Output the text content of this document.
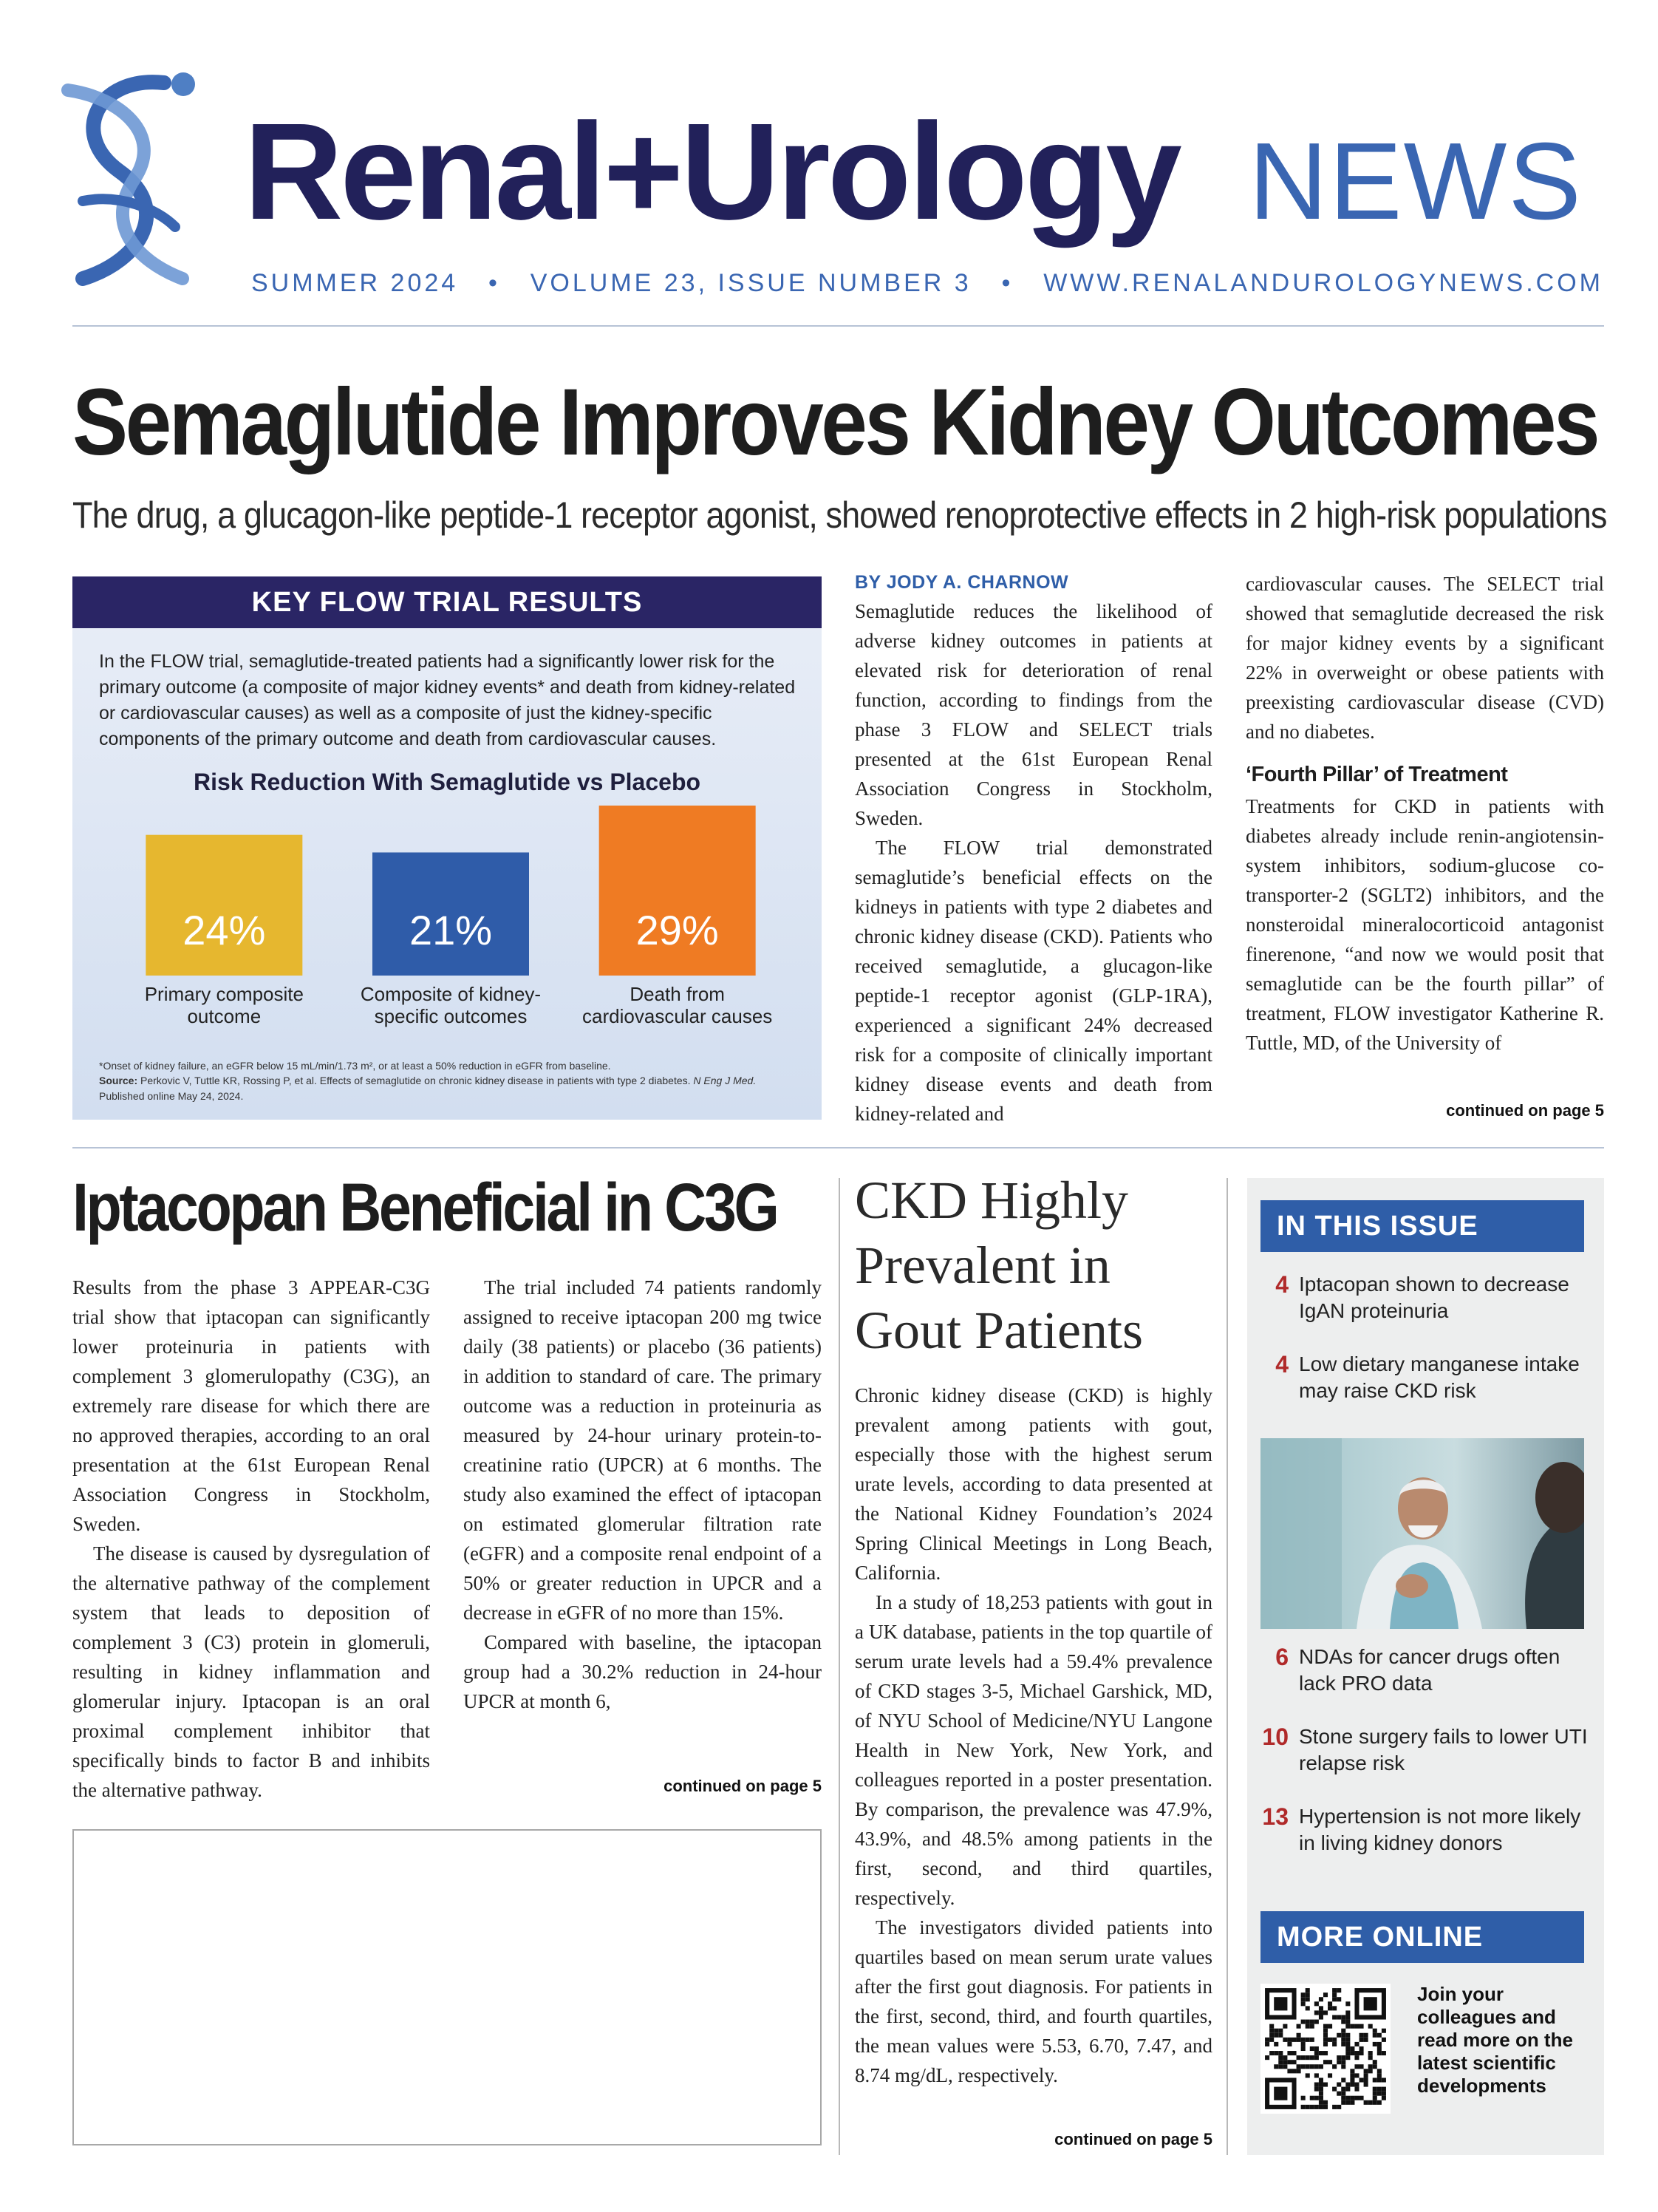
Renal+Urology NEWS
SUMMER 2024 • VOLUME 23, ISSUE NUMBER 3 • WWW.RENALANDUROLOGYNEWS.COM
Semaglutide Improves Kidney Outcomes
The drug, a glucagon-like peptide-1 receptor agonist, showed renoprotective effects in 2 high-risk populations
KEY FLOW TRIAL RESULTS
In the FLOW trial, semaglutide-treated patients had a significantly lower risk for the primary outcome (a composite of major kidney events* and death from kidney-related or cardiovascular causes) as well as a composite of just the kidney-specific components of the primary outcome and death from cardiovascular causes.
Risk Reduction With Semaglutide vs Placebo
24%
Primary composite
outcome
21%
Composite of kidney-
specific outcomes
29%
Death from
cardiovascular causes
*Onset of kidney failure, an eGFR below 15 mL/min/1.73 m², or at least a 50% reduction in eGFR from baseline.
Source: Perkovic V, Tuttle KR, Rossing P, et al. Effects of semaglutide on chronic kidney disease in patients with type 2 diabetes. N Eng J Med.
Published online May 24, 2024.
BY JODY A. CHARNOW

Semaglutide reduces the likelihood of adverse kidney outcomes in patients at elevated risk for deterioration of renal function, according to findings from the phase 3 FLOW and SELECT trials presented at the 61st European Renal Association Congress in Stockholm, Sweden.

The FLOW trial demonstrated semaglutide’s beneficial effects on the kidneys in patients with type 2 diabetes and chronic kidney disease (CKD). Patients who received semaglutide, a glucagon-like peptide-1 receptor agonist (GLP-1RA), experienced a significant 24% decreased risk for a composite of clinically important kidney disease events and death from kidney-related and

cardiovascular causes. The SELECT trial showed that semaglutide decreased the risk for major kidney events by a significant 22% in overweight or obese patients with preexisting cardiovascular disease (CVD) and no diabetes.

‘Fourth Pillar’ of Treatment

Treatments for CKD in patients with diabetes already include renin-angiotensin-system inhibitors, sodium-glucose co-transporter-2 (SGLT2) inhibitors, and the nonsteroidal mineralocorticoid antagonist finerenone, “and now we would posit that semaglutide can be the fourth pillar” of treatment, FLOW investigator Katherine R. Tuttle, MD, of the University of

continued on page 5
Iptacopan Beneficial in C3G

Results from the phase 3 APPEAR-C3G trial show that iptacopan can significantly lower proteinuria in patients with complement 3 glomerulopathy (C3G), an extremely rare disease for which there are no approved therapies, according to an oral presentation at the 61st European Renal Association Congress in Stockholm, Sweden.

The disease is caused by dysregulation of the alternative pathway of the complement system that leads to deposition of complement 3 (C3) protein in glomeruli, resulting in kidney inflammation and glomerular injury. Iptacopan is an oral proximal complement inhibitor that specifically binds to factor B and inhibits the alternative pathway.

The trial included 74 patients randomly assigned to receive iptacopan 200 mg twice daily (38 patients) or placebo (36 patients) in addition to standard of care. The primary outcome was a reduction in proteinuria as measured by 24-hour urinary protein-to-creatinine ratio (UPCR) at 6 months. The study also examined the effect of iptacopan on estimated glomerular filtration rate (eGFR) and a composite renal endpoint of a 50% or greater reduction in UPCR and a decrease in eGFR of no more than 15%.

Compared with baseline, the iptacopan group had a 30.2% reduction in 24-hour UPCR at month 6,

continued on page 5
CKD Highly Prevalent in Gout Patients

Chronic kidney disease (CKD) is highly prevalent among patients with gout, especially those with the highest serum urate levels, according to data presented at the National Kidney Foundation’s 2024 Spring Clinical Meetings in Long Beach, California.

In a study of 18,253 patients with gout in a UK database, patients in the top quartile of serum urate levels had a 59.4% prevalence of CKD stages 3-5, Michael Garshick, MD, of NYU School of Medicine/NYU Langone Health in New York, New York, and colleagues reported in a poster presentation. By comparison, the prevalence was 47.9%, 43.9%, and 48.5% among patients in the first, second, and third quartiles, respectively.

The investigators divided patients into quartiles based on mean serum urate values after the first gout diagnosis. For patients in the first, second, third, and fourth quartiles, the mean values were 5.53, 6.70, 7.47, and 8.74 mg/dL, respectively.

continued on page 5
IN THIS ISSUE
4 Iptacopan shown to decrease IgAN proteinuria
4 Low dietary manganese intake may raise CKD risk
6 NDAs for cancer drugs often lack PRO data
10 Stone surgery fails to lower UTI relapse risk
13 Hypertension is not more likely in living kidney donors
MORE ONLINE
Join your colleagues and read more on the latest scientific developments
